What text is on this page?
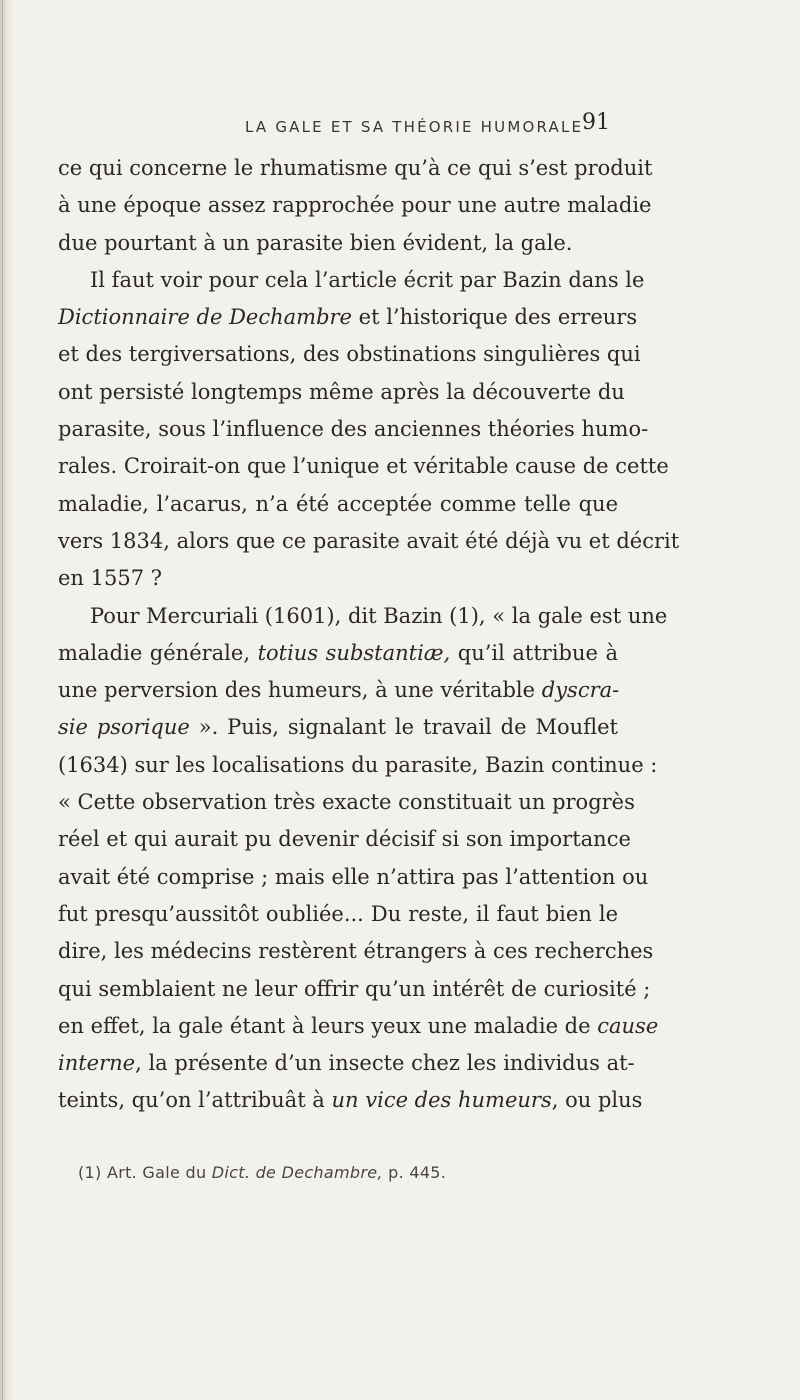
LA GALE ET SA THÉORIE HUMORALE
91
ce qui concerne le rhumatisme qu’à ce qui s’est produit
à une époque assez rapprochée pour une autre maladie
due pourtant à un parasite bien évident, la gale.
Il faut voir pour cela l’article écrit par Bazin dans le
Dictionnaire de Dechambre et l’historique des erreurs
et des tergiversations, des obstinations singulières qui
ont persisté longtemps même après la découverte du
parasite, sous l’influence des anciennes théories humo-
rales. Croirait-on que l’unique et véritable cause de cette
maladie, l’acarus, n’a été acceptée comme telle que
vers 1834, alors que ce parasite avait été déjà vu et décrit
en 1557 ?
Pour Mercuriali (1601), dit Bazin (1), « la gale est une
maladie générale, totius substantiæ, qu’il attribue à
une perversion des humeurs, à une véritable dyscra-
sie psorique ». Puis, signalant le travail de Mouflet
(1634) sur les localisations du parasite, Bazin continue :
« Cette observation très exacte constituait un progrès
réel et qui aurait pu devenir décisif si son importance
avait été comprise ; mais elle n’attira pas l’attention ou
fut presqu’aussitôt oubliée... Du reste, il faut bien le
dire, les médecins restèrent étrangers à ces recherches
qui semblaient ne leur offrir qu’un intérêt de curiosité ;
en effet, la gale étant à leurs yeux une maladie de cause
interne, la présente d’un insecte chez les individus at-
teints, qu’on l’attribuât à un vice des humeurs, ou plus
(1) Art. Gale du Dict. de Dechambre, p. 445.
